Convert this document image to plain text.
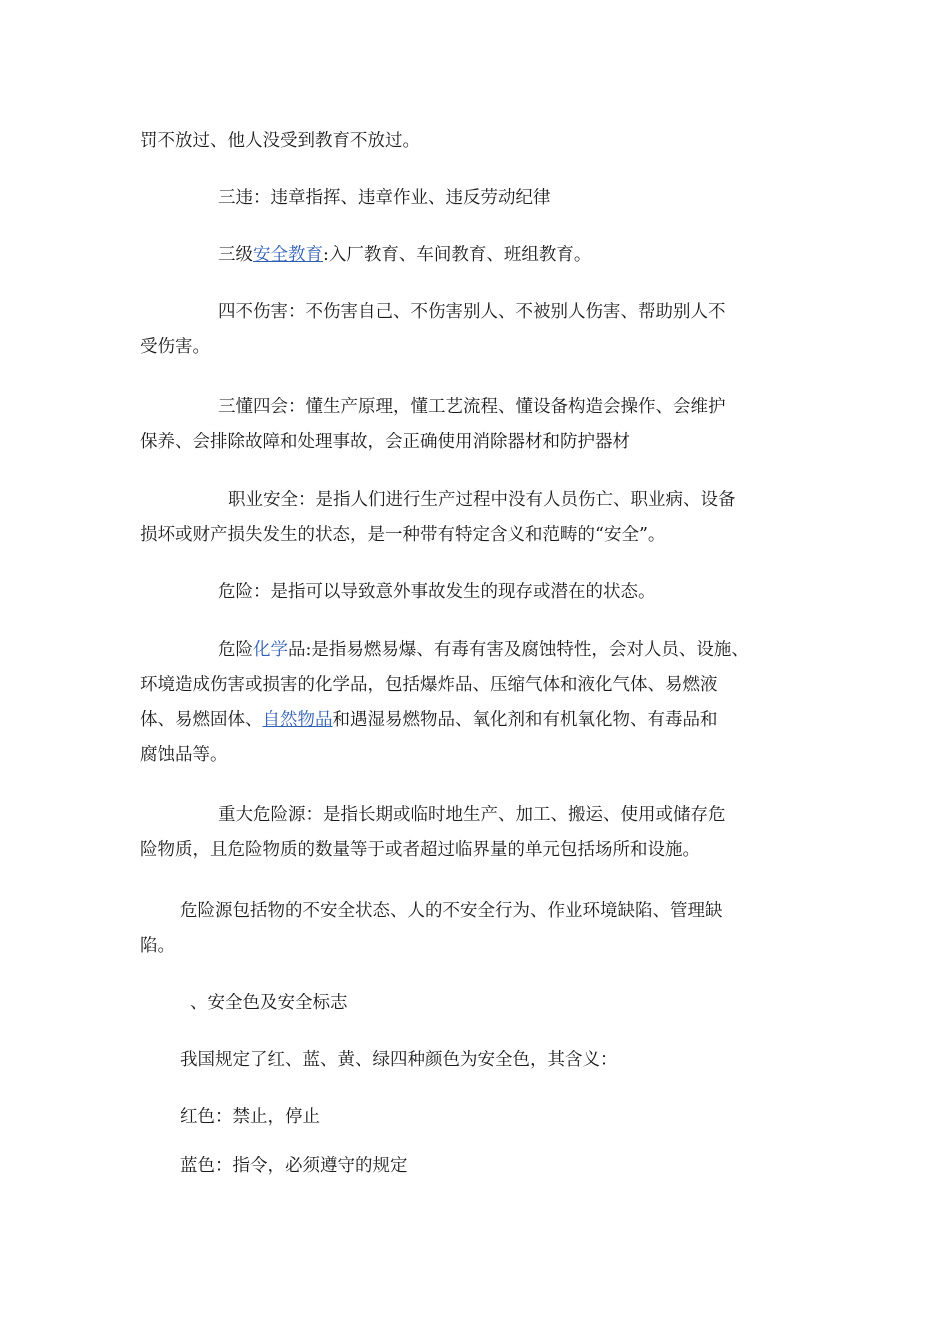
罚不放过、他人没受到教育不放过。

三违：违章指挥、违章作业、违反劳动纪律

三级安全教育:入厂教育、车间教育、班组教育。

四不伤害：不伤害自己、不伤害别人、不被别人伤害、帮助别人不
受伤害。

三懂四会：懂生产原理，懂工艺流程、懂设备构造会操作、会维护
保养、会排除故障和处理事故，会正确使用消除器材和防护器材

职业安全：是指人们进行生产过程中没有人员伤亡、职业病、设备
损坏或财产损失发生的状态，是一种带有特定含义和范畴的“安全”。

危险：是指可以导致意外事故发生的现存或潜在的状态。

危险化学品:是指易燃易爆、有毒有害及腐蚀特性，会对人员、设施、
环境造成伤害或损害的化学品，包括爆炸品、压缩气体和液化气体、易燃液
体、易燃固体、自然物品和遇湿易燃物品、氧化剂和有机氧化物、有毒品和
腐蚀品等。

重大危险源：是指长期或临时地生产、加工、搬运、使用或储存危
险物质，且危险物质的数量等于或者超过临界量的单元包括场所和设施。

危险源包括物的不安全状态、人的不安全行为、作业环境缺陷、管理缺
陷。

、安全色及安全标志

我国规定了红、蓝、黄、绿四种颜色为安全色，其含义：

红色：禁止，停止

蓝色：指令，必须遵守的规定
